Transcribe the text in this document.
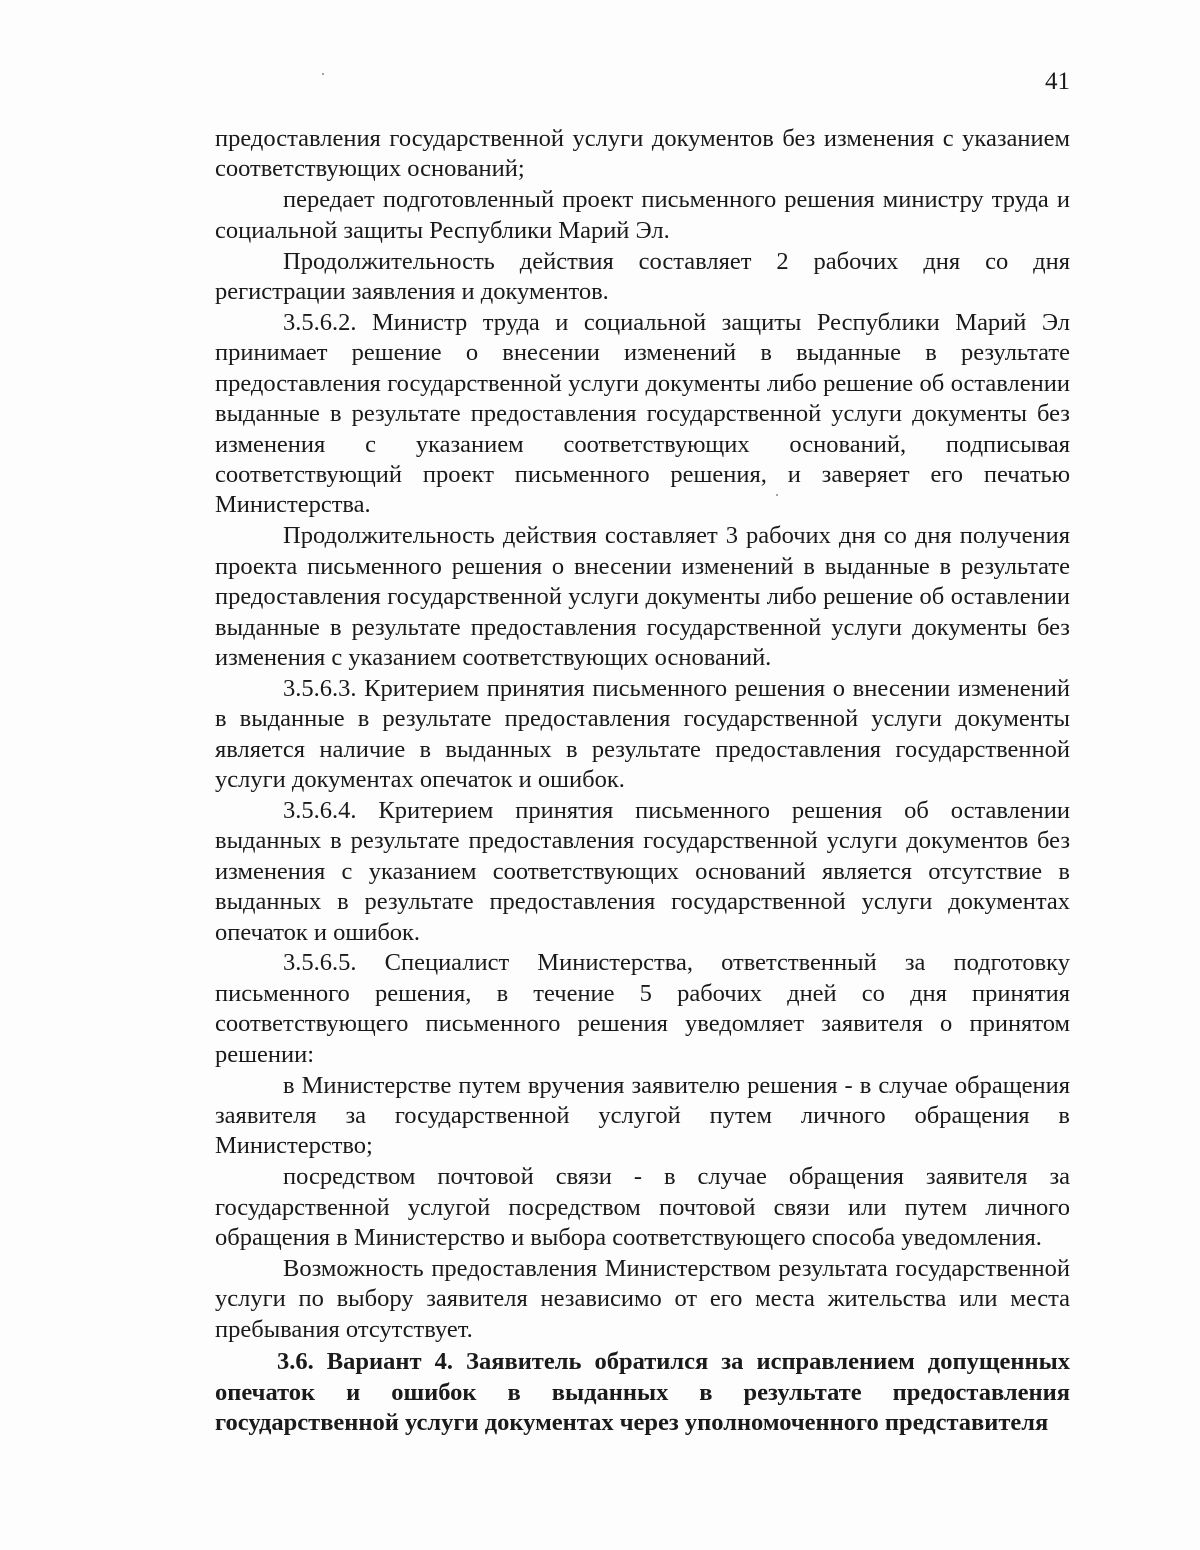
41

предоставления государственной услуги документов без изменения с указанием соответствующих оснований;

передает подготовленный проект письменного решения министру труда и социальной защиты Республики Марий Эл.

Продолжительность действия составляет 2 рабочих дня со дня регистрации заявления и документов.

3.5.6.2. Министр труда и социальной защиты Республики Марий Эл принимает решение о внесении изменений в выданные в результате предоставления государственной услуги документы либо решение об оставлении выданные в результате предоставления государственной услуги документы без изменения с указанием соответствующих оснований, подписывая соответствующий проект письменного решения, и заверяет его печатью Министерства.

Продолжительность действия составляет 3 рабочих дня со дня получения проекта письменного решения о внесении изменений в выданные в результате предоставления государственной услуги документы либо решение об оставлении выданные в результате предоставления государственной услуги документы без изменения с указанием соответствующих оснований.

3.5.6.3. Критерием принятия письменного решения о внесении изменений в выданные в результате предоставления государственной услуги документы является наличие в выданных в результате предоставления государственной услуги документах опечаток и ошибок.

3.5.6.4. Критерием принятия письменного решения об оставлении выданных в результате предоставления государственной услуги документов без изменения с указанием соответствующих оснований является отсутствие в выданных в результате предоставления государственной услуги документах опечаток и ошибок.

3.5.6.5. Специалист Министерства, ответственный за подготовку письменного решения, в течение 5 рабочих дней со дня принятия соответствующего письменного решения уведомляет заявителя о принятом решении:

в Министерстве путем вручения заявителю решения - в случае обращения заявителя за государственной услугой путем личного обращения в Министерство;

посредством почтовой связи - в случае обращения заявителя за государственной услугой посредством почтовой связи или путем личного обращения в Министерство и выбора соответствующего способа уведомления.

Возможность предоставления Министерством результата государственной услуги по выбору заявителя независимо от его места жительства или места пребывания отсутствует.

3.6. Вариант 4. Заявитель обратился за исправлением допущенных опечаток и ошибок в выданных в результате предоставления государственной услуги документах через уполномоченного представителя
